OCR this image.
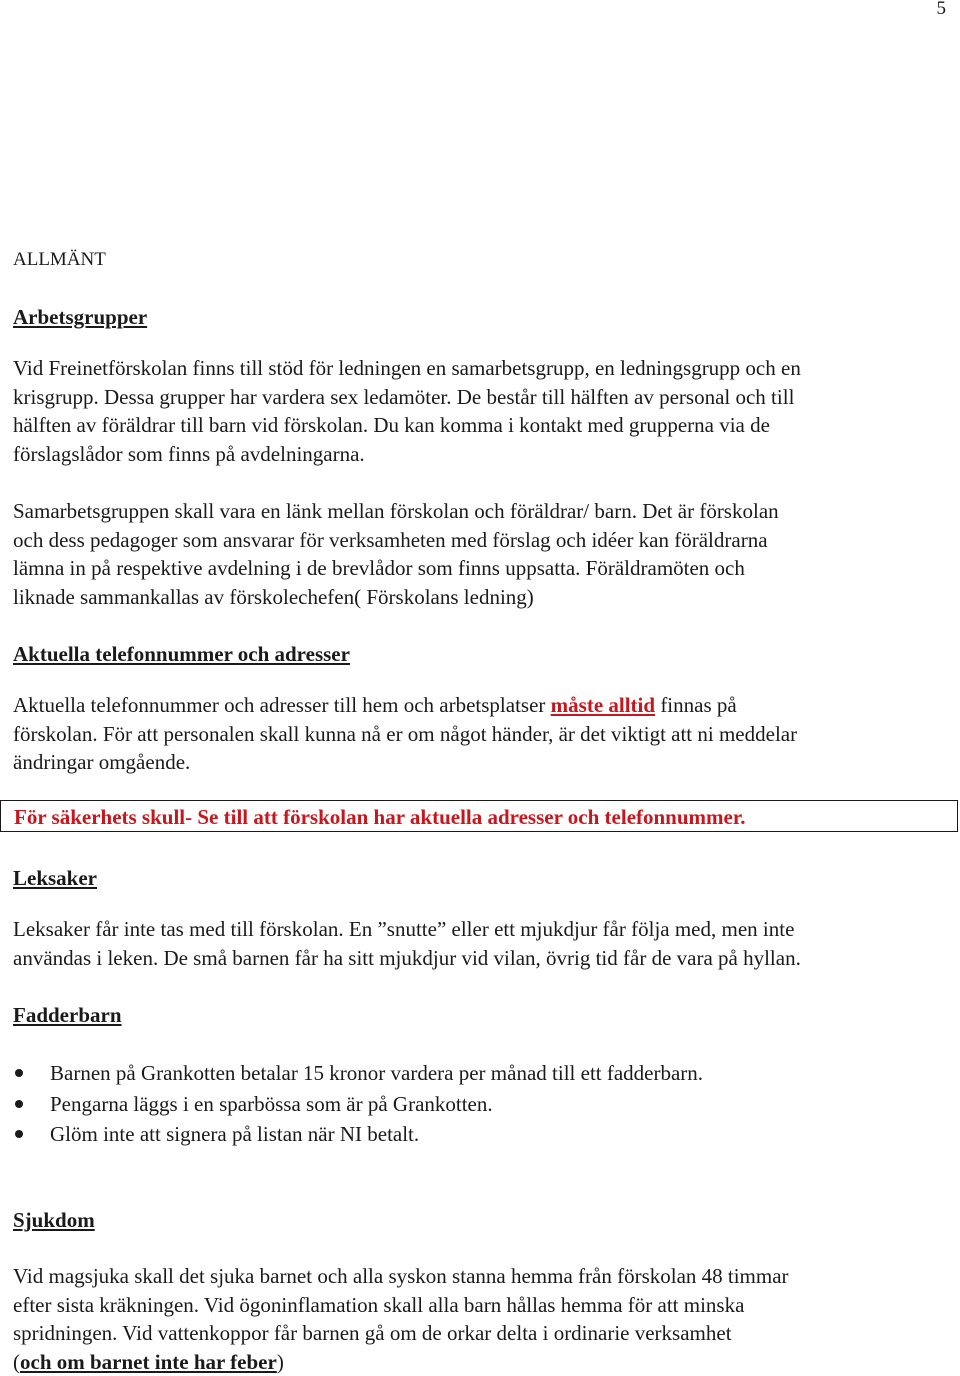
5
ALLMÄNT
Arbetsgrupper
Vid Freinetförskolan finns till stöd för ledningen en samarbetsgrupp, en ledningsgrupp och en
krisgrupp. Dessa grupper har vardera sex ledamöter. De består till hälften av personal och till
hälften av föräldrar till barn vid förskolan. Du kan komma i kontakt med grupperna via de
förslagslådor som finns på avdelningarna.
Samarbetsgruppen skall vara en länk mellan förskolan och föräldrar/ barn. Det är förskolan
och dess pedagoger som ansvarar för verksamheten med förslag och idéer kan föräldrarna
lämna in på respektive avdelning i de brevlådor som finns uppsatta. Föräldramöten och
liknade sammankallas av förskolechefen( Förskolans ledning)
Aktuella telefonnummer och adresser
Aktuella telefonnummer och adresser till hem och arbetsplatser måste alltid finnas på
förskolan. För att personalen skall kunna nå er om något händer, är det viktigt att ni meddelar
ändringar omgående.
För säkerhets skull- Se till att förskolan har aktuella adresser och telefonnummer.
Leksaker
Leksaker får inte tas med till förskolan. En ”snutte” eller ett mjukdjur får följa med, men inte
användas i leken. De små barnen får ha sitt mjukdjur vid vilan, övrig tid får de vara på hyllan.
Fadderbarn
Barnen på Grankotten betalar 15 kronor vardera per månad till ett fadderbarn.
Pengarna läggs i en sparbössa som är på Grankotten.
Glöm inte att signera på listan när NI betalt.
Sjukdom
Vid magsjuka skall det sjuka barnet och alla syskon stanna hemma från förskolan 48 timmar
efter sista kräkningen. Vid ögoninflamation skall alla barn hållas hemma för att minska
spridningen. Vid vattenkoppor får barnen gå om de orkar delta i ordinarie verksamhet
(och om barnet inte har feber)
